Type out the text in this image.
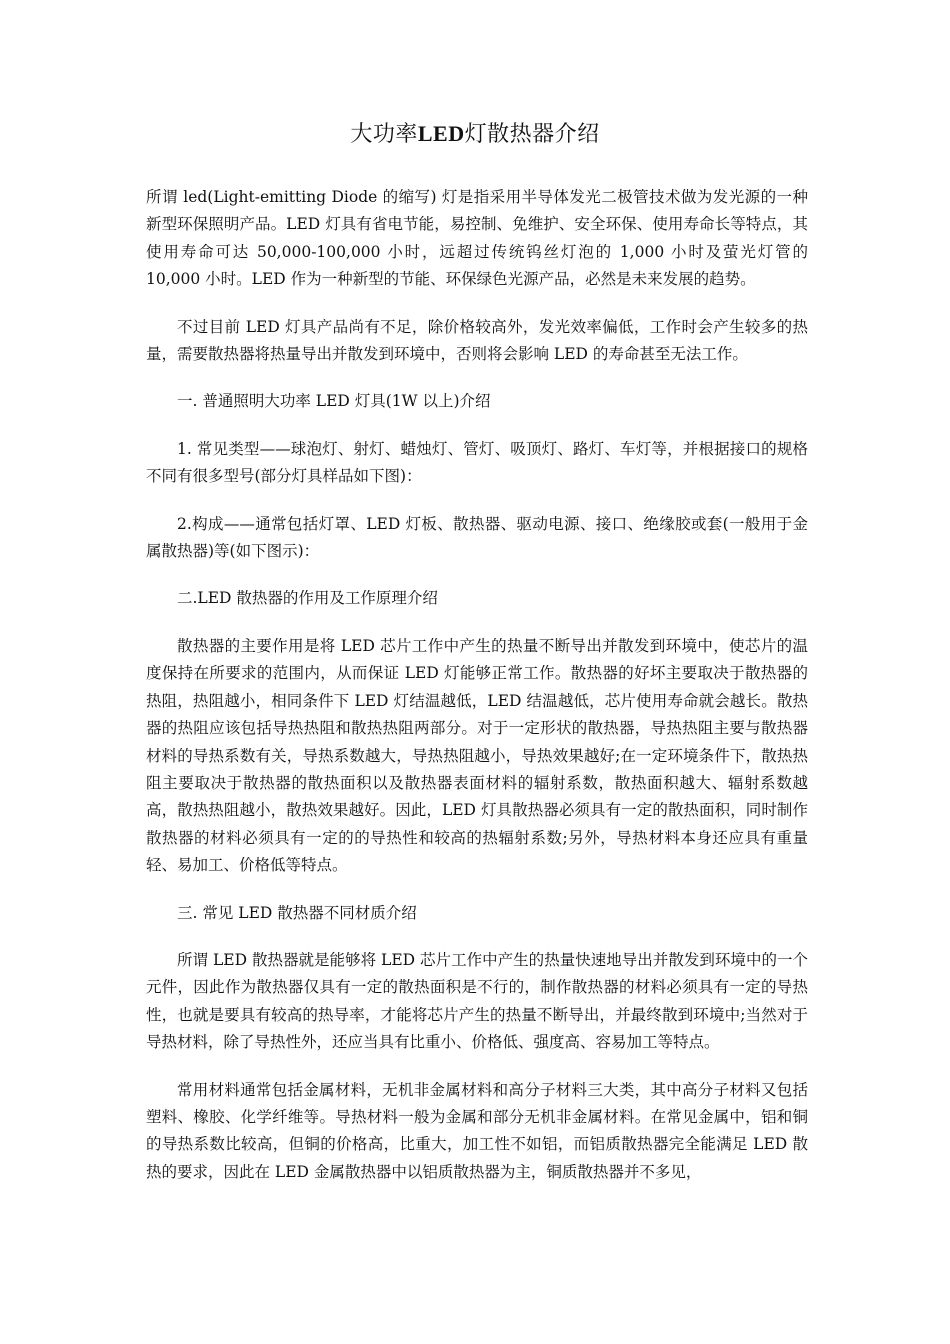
大功率LED灯散热器介绍

所谓 led(Light-emitting Diode 的缩写) 灯是指采用半导体发光二极管技术做为发光源的一种新型环保照明产品。LED 灯具有省电节能，易控制、免维护、安全环保、使用寿命长等特点，其使用寿命可达 50,000-100,000 小时，远超过传统钨丝灯泡的 1,000 小时及萤光灯管的 10,000 小时。LED 作为一种新型的节能、环保绿色光源产品，必然是未来发展的趋势。

不过目前 LED 灯具产品尚有不足，除价格较高外，发光效率偏低，工作时会产生较多的热量，需要散热器将热量导出并散发到环境中，否则将会影响 LED 的寿命甚至无法工作。

一. 普通照明大功率 LED 灯具(1W 以上)介绍

1. 常见类型——球泡灯、射灯、蜡烛灯、管灯、吸顶灯、路灯、车灯等，并根据接口的规格不同有很多型号(部分灯具样品如下图)：

2.构成——通常包括灯罩、LED 灯板、散热器、驱动电源、接口、绝缘胶或套(一般用于金属散热器)等(如下图示)：

二.LED 散热器的作用及工作原理介绍

散热器的主要作用是将 LED 芯片工作中产生的热量不断导出并散发到环境中，使芯片的温度保持在所要求的范围内，从而保证 LED 灯能够正常工作。散热器的好坏主要取决于散热器的热阻，热阻越小，相同条件下 LED 灯结温越低，LED 结温越低，芯片使用寿命就会越长。散热器的热阻应该包括导热热阻和散热热阻两部分。对于一定形状的散热器，导热热阻主要与散热器材料的导热系数有关，导热系数越大，导热热阻越小，导热效果越好;在一定环境条件下，散热热阻主要取决于散热器的散热面积以及散热器表面材料的辐射系数，散热面积越大、辐射系数越高，散热热阻越小，散热效果越好。因此，LED 灯具散热器必须具有一定的散热面积，同时制作散热器的材料必须具有一定的的导热性和较高的热辐射系数;另外，导热材料本身还应具有重量轻、易加工、价格低等特点。

三. 常见 LED 散热器不同材质介绍

所谓 LED 散热器就是能够将 LED 芯片工作中产生的热量快速地导出并散发到环境中的一个元件，因此作为散热器仅具有一定的散热面积是不行的，制作散热器的材料必须具有一定的导热性，也就是要具有较高的热导率，才能将芯片产生的热量不断导出，并最终散到环境中;当然对于导热材料，除了导热性外，还应当具有比重小、价格低、强度高、容易加工等特点。

常用材料通常包括金属材料，无机非金属材料和高分子材料三大类，其中高分子材料又包括塑料、橡胶、化学纤维等。导热材料一般为金属和部分无机非金属材料。在常见金属中，铝和铜的导热系数比较高，但铜的价格高，比重大，加工性不如铝，而铝质散热器完全能满足 LED 散热的要求，因此在 LED 金属散热器中以铝质散热器为主，铜质散热器并不多见，
